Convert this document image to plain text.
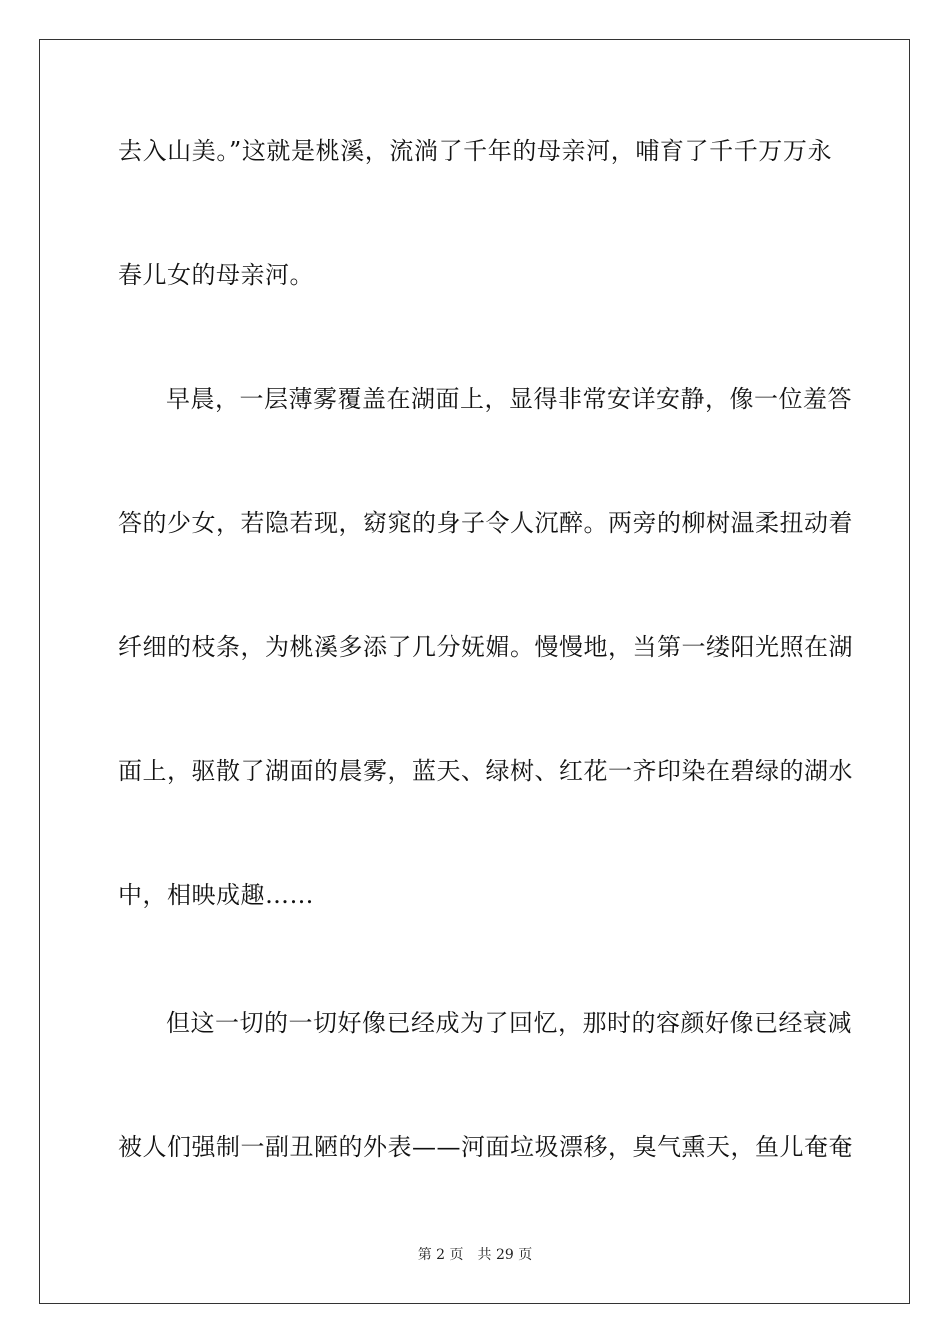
去入山美。”这就是桃溪，流淌了千年的母亲河，哺育了千千万万永
春儿女的母亲河。
早晨，一层薄雾覆盖在湖面上，显得非常安详安静，像一位羞答
答的少女，若隐若现，窈窕的身子令人沉醉。两旁的柳树温柔扭动着
纤细的枝条，为桃溪多添了几分妩媚。慢慢地，当第一缕阳光照在湖
面上，驱散了湖面的晨雾，蓝天、绿树、红花一齐印染在碧绿的湖水
中，相映成趣……
但这一切的一切好像已经成为了回忆，那时的容颜好像已经衰减
被人们强制一副丑陋的外表——河面垃圾漂移，臭气熏天，鱼儿奄奄
第 2 页 共 29 页
